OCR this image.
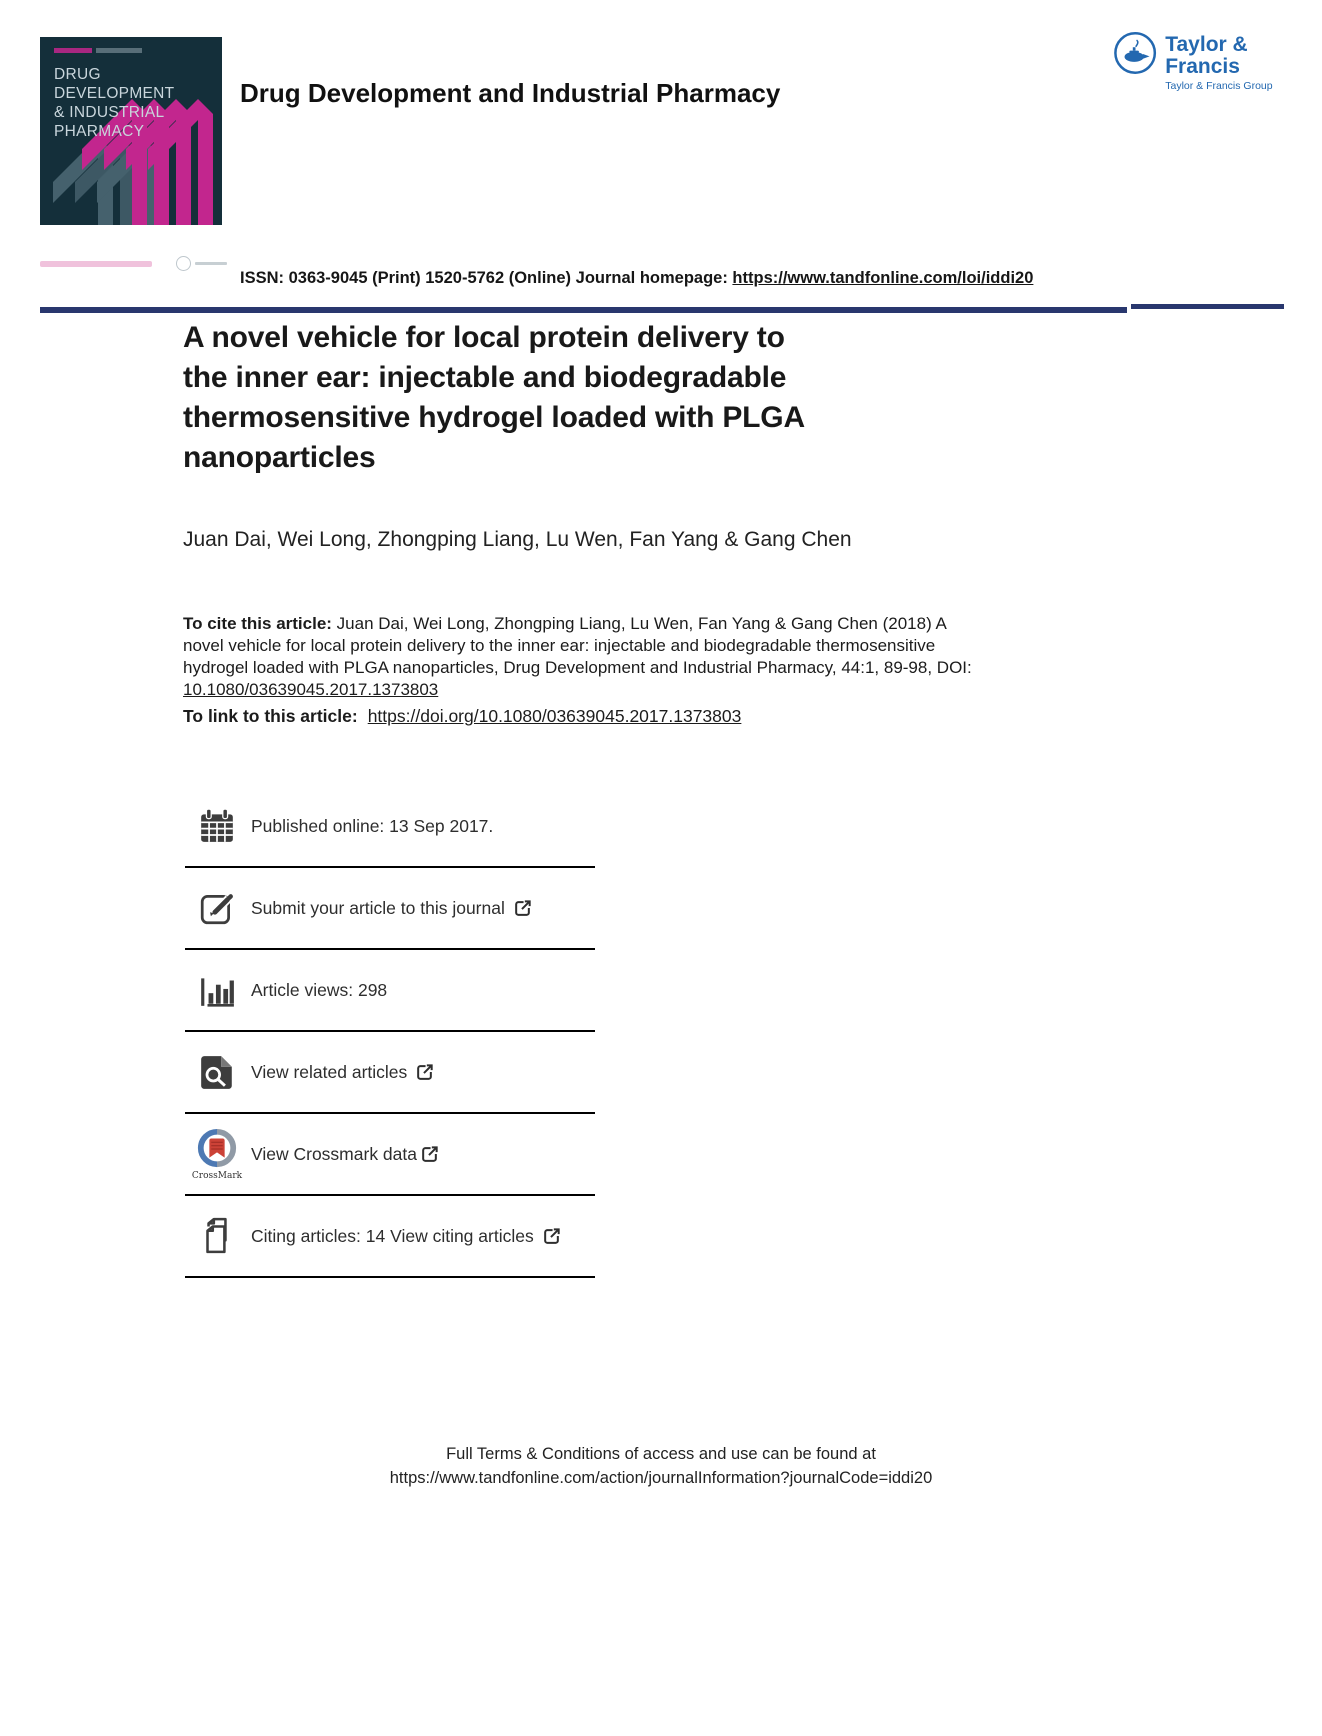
DRUG DEVELOPMENT
& INDUSTRIAL
PHARMACY
Drug Development and Industrial Pharmacy
Taylor & Francis
Taylor & Francis Group
ISSN: 0363-9045 (Print) 1520-5762 (Online) Journal homepage: https://www.tandfonline.com/loi/iddi20
A novel vehicle for local protein delivery to
the inner ear: injectable and biodegradable
thermosensitive hydrogel loaded with PLGA
nanoparticles
Juan Dai, Wei Long, Zhongping Liang, Lu Wen, Fan Yang & Gang Chen

To cite this article: Juan Dai, Wei Long, Zhongping Liang, Lu Wen, Fan Yang & Gang Chen (2018) A novel vehicle for local protein delivery to the inner ear: injectable and biodegradable thermosensitive hydrogel loaded with PLGA nanoparticles, Drug Development and Industrial Pharmacy, 44:1, 89-98, DOI: 10.1080/03639045.2017.1373803

To link to this article: https://doi.org/10.1080/03639045.2017.1373803
Published online: 13 Sep 2017.
Submit your article to this journal
Article views: 298
View related articles
CrossMark
View Crossmark data
Citing articles: 14 View citing articles
Full Terms & Conditions of access and use can be found at
https://www.tandfonline.com/action/journalInformation?journalCode=iddi20
